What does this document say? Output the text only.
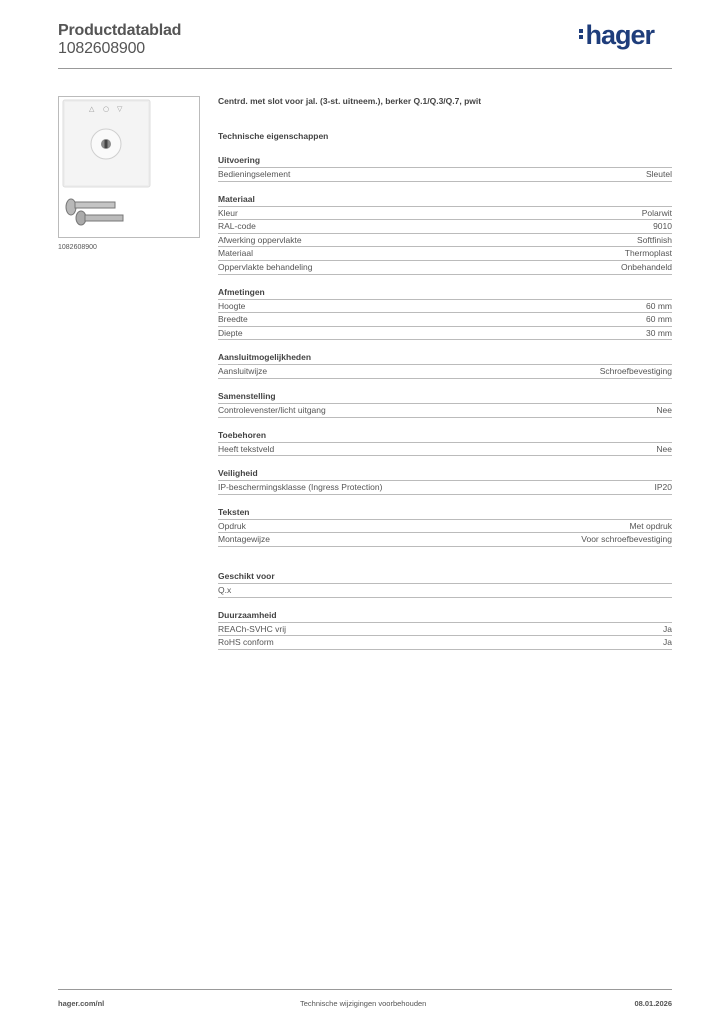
Productdatablad
1082608900	hager
△ ○ ▽
1082608900
Centrd. met slot voor jal. (3-st. uitneem.), berker Q.1/Q.3/Q.7, pwit
Technische eigenschappen
Uitvoering
Bedieningselement	Sleutel
Materiaal
Kleur	Polarwit
RAL-code	9010
Afwerking oppervlakte	Softfinish
Materiaal	Thermoplast
Oppervlakte behandeling	Onbehandeld
Afmetingen
Hoogte	60 mm
Breedte	60 mm
Diepte	30 mm
Aansluitmogelijkheden
Aansluitwijze	Schroefbevestiging
Samenstelling
Controlevenster/licht uitgang	Nee
Toebehoren
Heeft tekstveld	Nee
Veiligheid
IP-beschermingsklasse (Ingress Protection)	IP20
Teksten
Opdruk	Met opdruk
Montagewijze	Voor schroefbevestiging
Geschikt voor
Q.x
Duurzaamheid
REACh-SVHC vrij	Ja
RoHS conform	Ja
hager.com/nl	Technische wijzigingen voorbehouden	08.01.2026
